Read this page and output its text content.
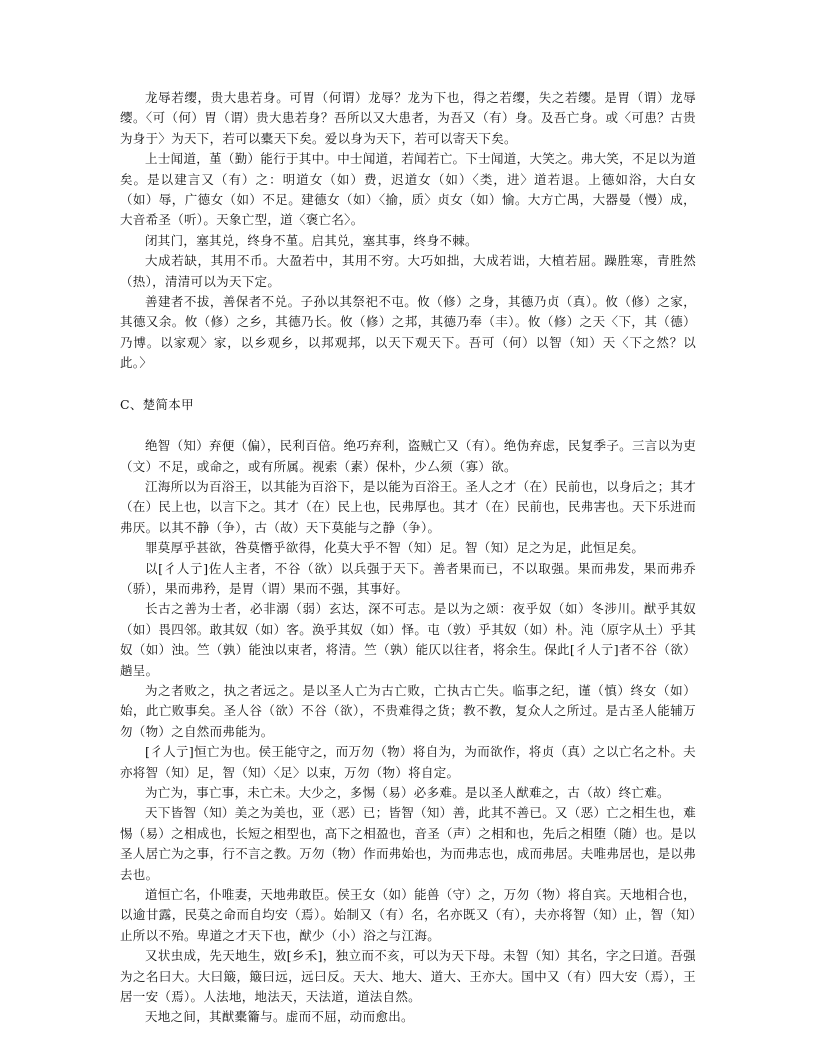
龙辱若缨，贵大患若身。可胃（何谓）龙辱？龙为下也，得之若缨，失之若缨。是胃（谓）龙辱缨。〈可（何）胃（谓）贵大患若身？吾所以又大患者，为吾又（有）身。及吾亡身。或〈可患？古贵为身于〉为天下，若可以橐天下矣。爱以身为天下，若可以寄天下矣。

上士闻道，堇（勤）能行于其中。中士闻道，若闻若亡。下士闻道，大笑之。弗大笑，不足以为道矣。是以建言又（有）之：明道女（如）费，迟道女（如）〈类，进〉道若退。上德如浴，大白女（如）辱，广德女（如）不足。建德女（如）〈揄，质〉贞女（如）愉。大方亡禺，大器曼（慢）成，大音希圣（听）。天象亡型，道〈褒亡名〉。

闭其门，塞其兑，终身不堇。启其兑，塞其事，终身不棘。

大成若缺，其用不币。大盈若中，其用不穷。大巧如拙，大成若诎，大植若屈。躁胜寒，青胜然（热），清清可以为天下定。

善建者不拔，善保者不兑。子孙以其祭祀不屯。攸（修）之身，其德乃贞（真）。攸（修）之家，其德又余。攸（修）之乡，其德乃长。攸（修）之邦，其德乃奉（丰）。攸（修）之天〈下，其（德）乃博。以家观〉家，以乡观乡，以邦观邦，以天下观天下。吾可（何）以智（知）天〈下之然？以此。〉

C、楚简本甲

绝智（知）弃便（偏），民利百倍。绝巧弃利，盗贼亡又（有）。绝伪弃虑，民复季子。三言以为吏（文）不足，或命之，或有所属。视索（素）保朴，少厶须（寡）欲。

江海所以为百浴王，以其能为百浴下，是以能为百浴王。圣人之才（在）民前也，以身后之；其才（在）民上也，以言下之。其才（在）民上也，民弗厚也。其才（在）民前也，民弗害也。天下乐进而弗厌。以其不静（争），古（故）天下莫能与之静（争）。

罪莫厚乎甚欲，咎莫憯乎欲得，化莫大乎不智（知）足。智（知）足之为足，此恒足矣。

以[彳人亍]佐人主者，不谷（欲）以兵强于天下。善者果而已，不以取强。果而弗发，果而弗乔（骄），果而弗矜，是胃（谓）果而不强，其事好。

长古之善为士者，必非溺（弱）玄达，深不可志。是以为之颂：夜乎奴（如）冬涉川。猷乎其奴（如）畏四邻。敢其奴（如）客。涣乎其奴（如）怿。屯（敦）乎其奴（如）朴。沌（原字从土）乎其奴（如）浊。竺（孰）能浊以束者，将清。竺（孰）能仄以往者，将余生。保此[彳人亍]者不谷（欲）趟呈。

为之者败之，执之者远之。是以圣人亡为古亡败，亡执古亡失。临事之纪，谨（慎）终女（如）始，此亡败事矣。圣人谷（欲）不谷（欲），不贵难得之货；教不教，复众人之所过。是古圣人能辅万勿（物）之自然而弗能为。

[彳人亍]恒亡为也。侯王能守之，而万勿（物）将自为，为而欲作，将贞（真）之以亡名之朴。夫亦将智（知）足，智（知）〈足〉以束，万勿（物）将自定。

为亡为，事亡事，未亡未。大少之，多惕（易）必多难。是以圣人猷难之，古（故）终亡难。

天下皆智（知）美之为美也，亚（恶）已；皆智（知）善，此其不善已。又（恶）亡之相生也，难惕（易）之相成也，长短之相型也，高下之相盈也，音圣（声）之相和也，先后之相堕（随）也。是以圣人居亡为之事，行不言之教。万勿（物）作而弗始也，为而弗志也，成而弗居。夫唯弗居也，是以弗去也。

道恒亡名，仆唯妻，天地弗敢臣。侯王女（如）能兽（守）之，万勿（物）将自宾。天地相合也，以逾甘露，民莫之命而自均安（焉）。始制又（有）名，名亦既又（有），夫亦将智（知）止，智（知）止所以不殆。卑道之才天下也，猷少（小）浴之与江海。

又状虫成，先天地生，敚[乡禾]，独立而不亥，可以为天下母。未智（知）其名，字之曰道。吾强为之名曰大。大曰簸，簸曰远，远曰反。天大、地大、道大、王亦大。国中又（有）四大安（焉），王居一安（焉）。人法地，地法天，天法道，道法自然。

天地之间，其猷橐籥与。虚而不屈，动而愈出。
